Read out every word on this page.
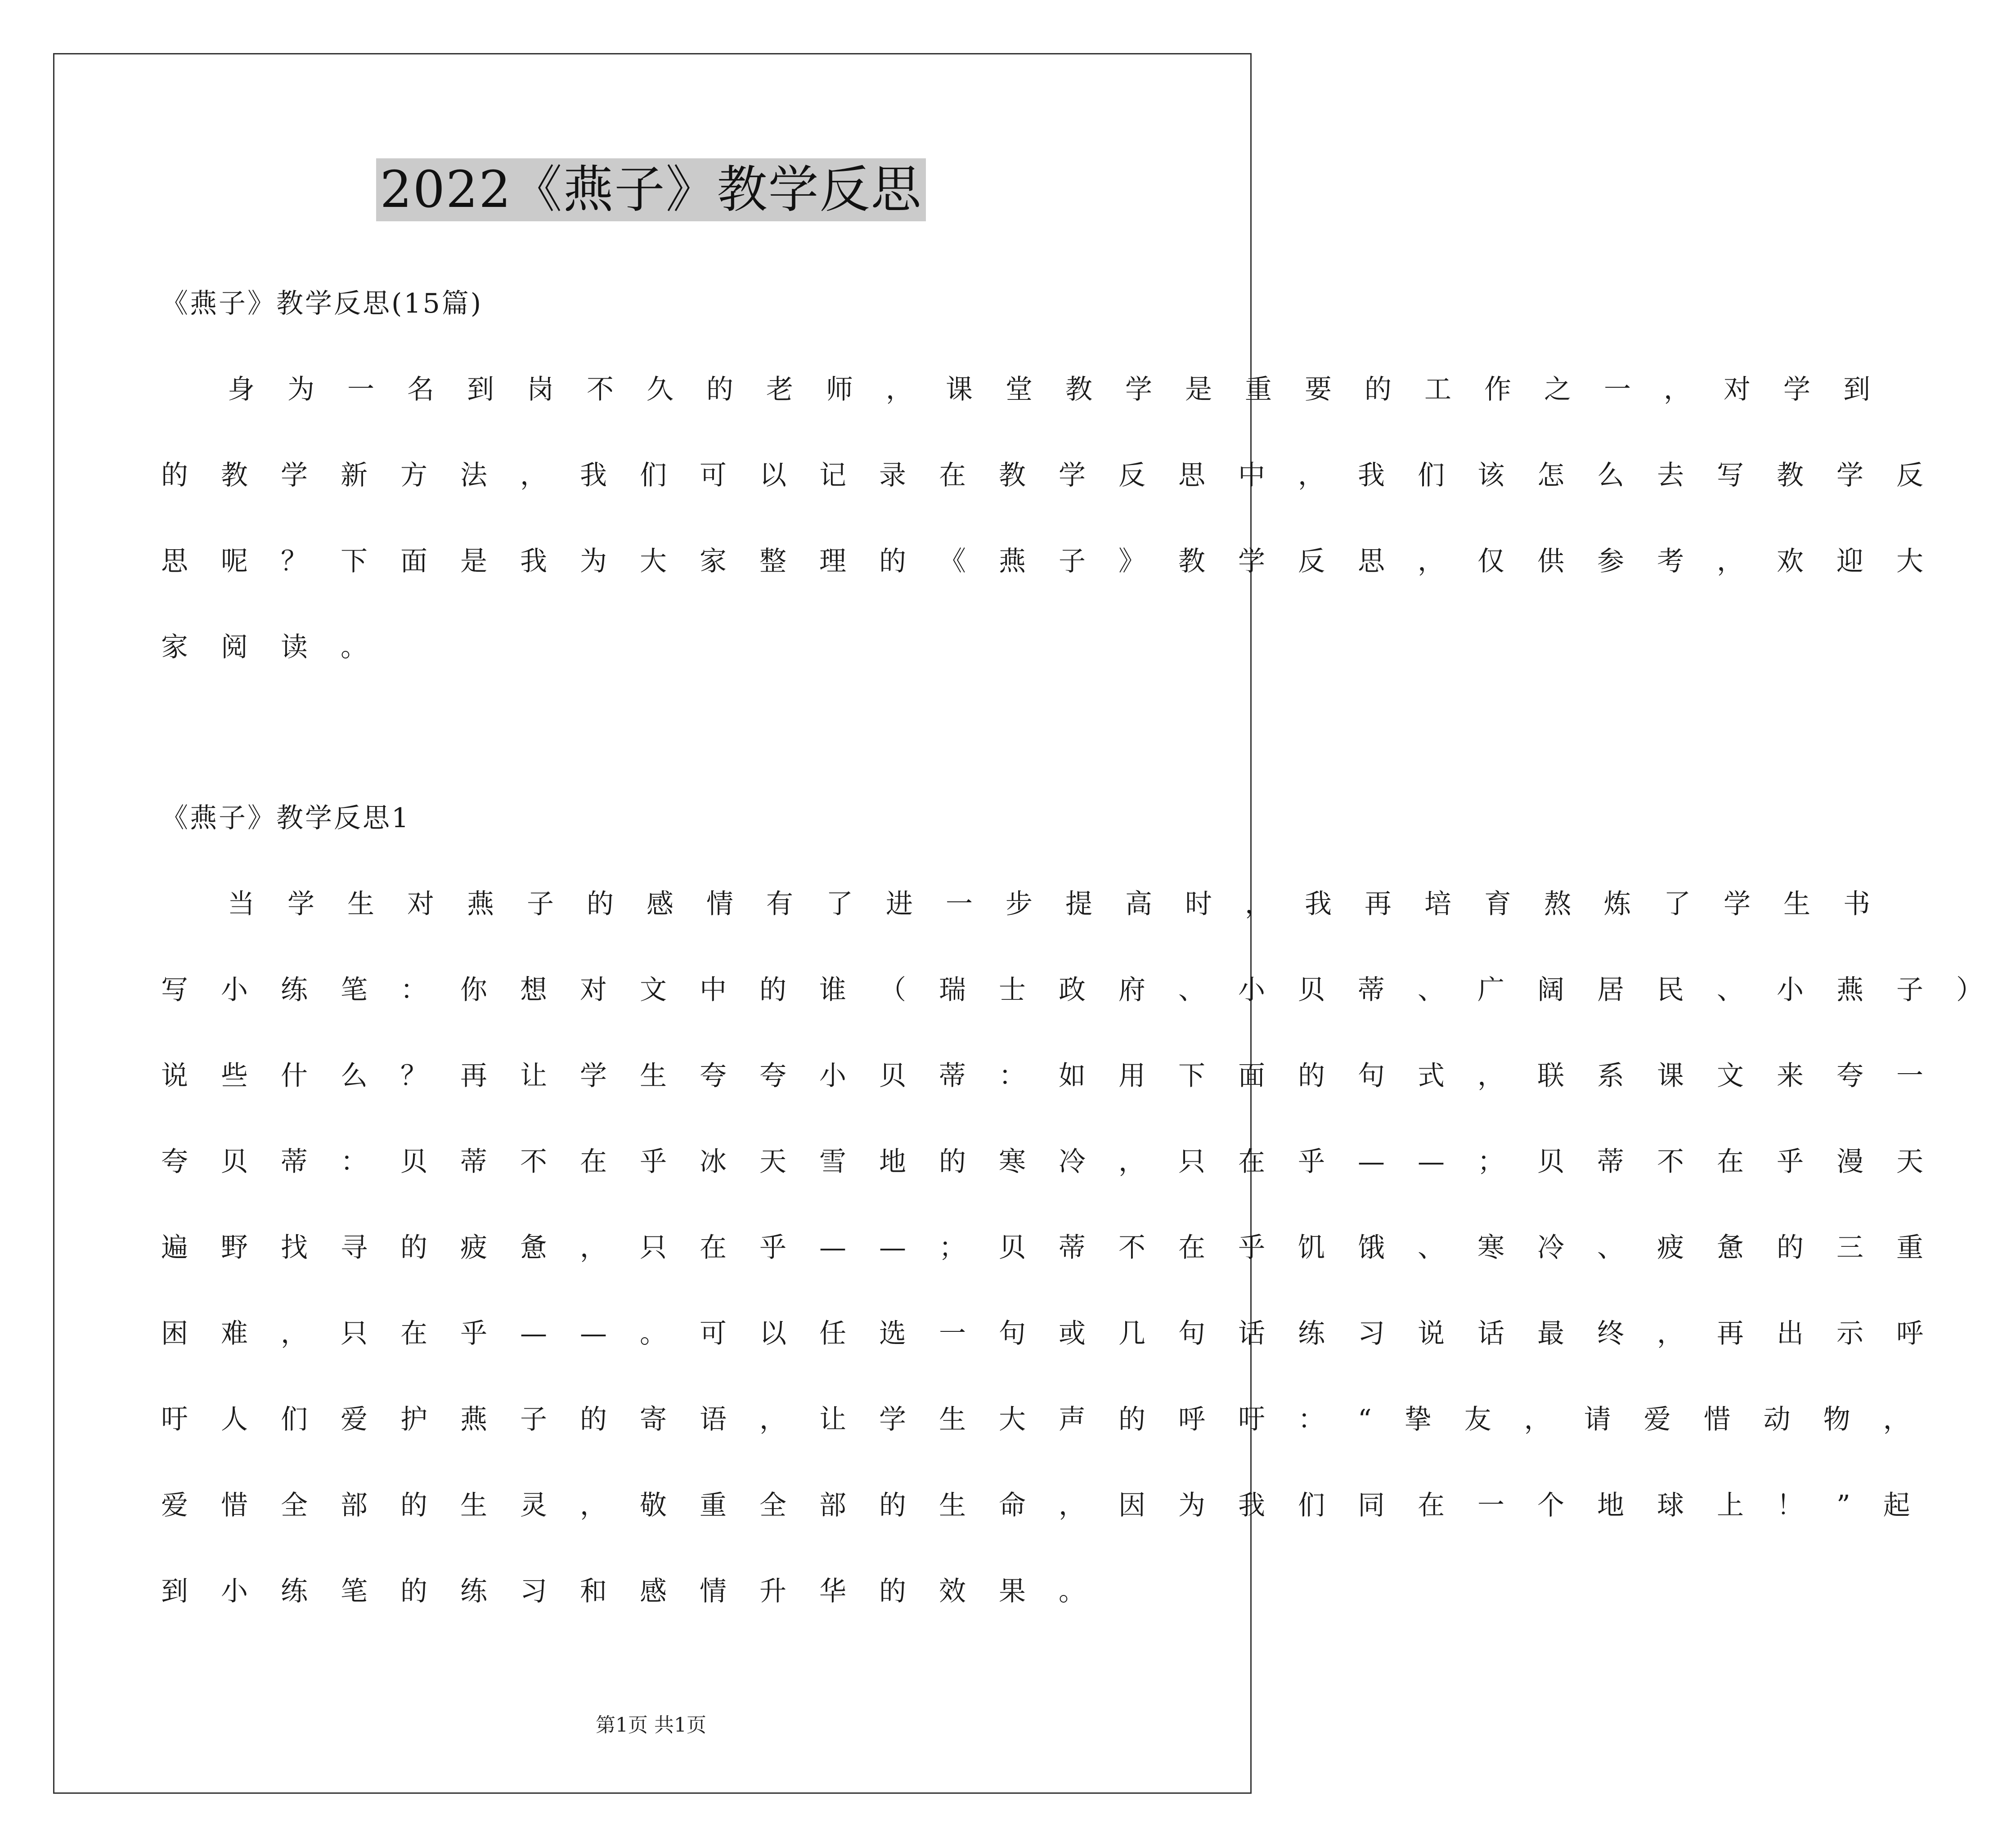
2022《燕子》教学反思
《燕子》教学反思(15篇)
身为一名到岗不久的老师，课堂教学是重要的工作之一，对学到
的教学新方法，我们可以记录在教学反思中，我们该怎么去写教学反
思呢？下面是我为大家整理的《燕子》教学反思，仅供参考，欢迎大
家阅读。
《燕子》教学反思1
当学生对燕子的感情有了进一步提高时，我再培育熬炼了学生书
写小练笔：你想对文中的谁（瑞士政府、小贝蒂、广阔居民、小燕子）
说些什么？再让学生夸夸小贝蒂：如用下面的句式，联系课文来夸一
夸贝蒂：贝蒂不在乎冰天雪地的寒冷，只在乎——；贝蒂不在乎漫天
遍野找寻的疲惫，只在乎——；贝蒂不在乎饥饿、寒冷、疲惫的三重
困难，只在乎——。可以任选一句或几句话练习说话最终，再出示呼
吁人们爱护燕子的寄语，让学生大声的呼吁：“挚友，请爱惜动物，
爱惜全部的生灵，敬重全部的生命，因为我们同在一个地球上！”起
到小练笔的练习和感情升华的效果。
第1页 共1页
